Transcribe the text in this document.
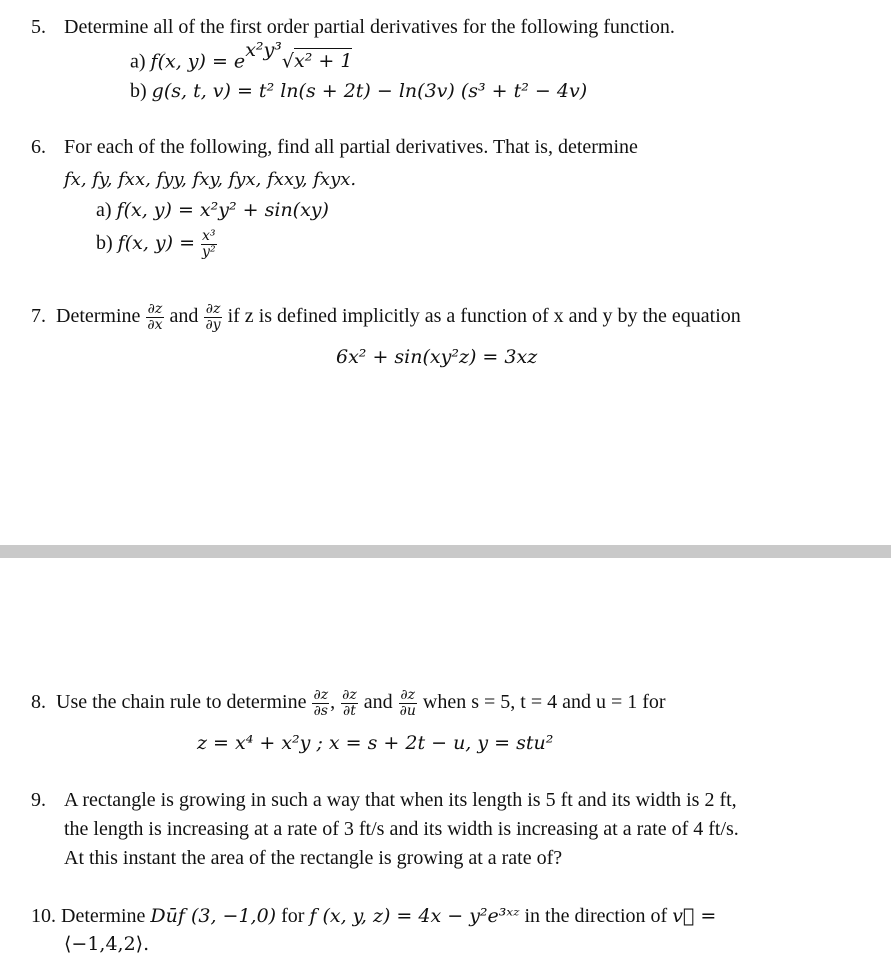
5. Determine all of the first order partial derivatives for the following function.
a) f(x, $y) = e^{x^2y^3}√x^2 + 1$
b) g(s, t, v) = t² ln(s + 2t) − ln(3v) (s³ + t² − 4v)
6. For each of the following, find all partial derivatives. That is, determine
fx, fy, fxx, fyy, fxy, fyx, fxxy, fxyx.
a) f(x, y) = x²y² + sin(xy)
b) f(x, $y) = \frac{\text{x³}}{\text{y²}}$
7. Determine $\frac{\partial z}{\partial x}$ and $\frac{\partial z}{\partial y}$ if z is defined implicitly as a function of x and y by the equation
6x² + sin(xy²z) = 3xz
8. Use the chain rule to determine $\frac{\partial z}{\partial s}$ , $\frac{\partial z}{\partial t}$ and $\frac{\partial z}{\partial u}$ when s = 5, t = 4 and u = 1 for
z = x⁴ + x²y ; x = s + 2t − u, y = stu²
9. A rectangle is growing in such a way that when its length is 5 ft and its width is 2 ft,
the length is increasing at a rate of 3 ft/s and its width is increasing at a rate of 4 ft/s.
At this instant the area of the rectangle is growing at a rate of?
10. Determine Dūf (3, −1,0) for f (x, y, z) = 4x − y²e³ˣᶻ in the direction of v⃗ =
⟨−1,4,2⟩.
